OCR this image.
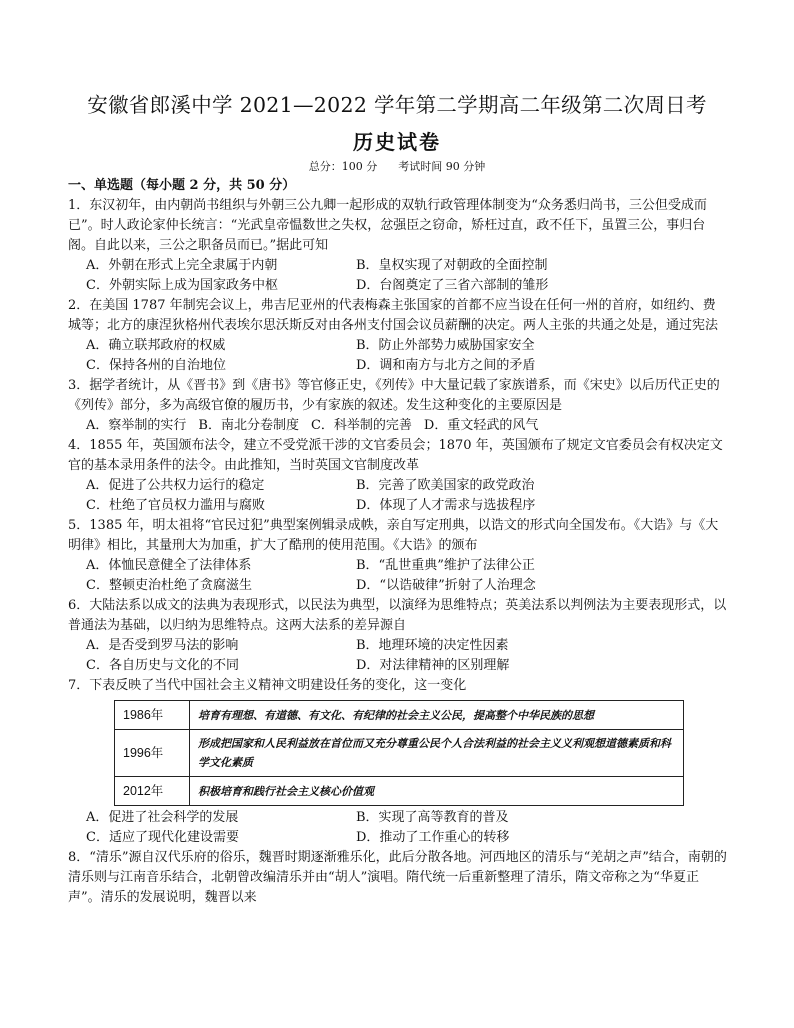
安徽省郎溪中学 2021—2022 学年第二学期高二年级第二次周日考
历史试卷
总分：100 分      考试时间 90 分钟
一、单选题（每小题 2 分，共 50 分）
1．东汉初年，由内朝尚书组织与外朝三公九卿一起形成的双轨行政管理体制变为“众务悉归尚书，三公但受成而已”。时人政论家仲长统言：“光武皇帝愠数世之失权，忿强臣之窃命，矫枉过直，政不任下，虽置三公，事归台阁。自此以来，三公之职备员而已。”据此可知
A．外朝在形式上完全隶属于内朝	B．皇权实现了对朝政的全面控制
C．外朝实际上成为国家政务中枢	D．台阁奠定了三省六部制的雏形
2．在美国 1787 年制宪会议上，弗吉尼亚州的代表梅森主张国家的首都不应当设在任何一州的首府，如纽约、费城等；北方的康涅狄格州代表埃尔思沃斯反对由各州支付国会议员薪酬的决定。两人主张的共通之处是，通过宪法
A．确立联邦政府的权威	B．防止外部势力威胁国家安全
C．保持各州的自治地位	D．调和南方与北方之间的矛盾
3．据学者统计，从《晋书》到《唐书》等官修正史，《列传》中大量记载了家族谱系，而《宋史》以后历代正史的《列传》部分，多为高级官僚的履历书，少有家族的叙述。发生这种变化的主要原因是
A．察举制的实行 B．南北分卷制度 C．科举制的完善 D．重文轻武的风气
4．1855 年，英国颁布法令，建立不受党派干涉的文官委员会；1870 年，英国颁布了规定文官委员会有权决定文官的基本录用条件的法令。由此推知，当时英国文官制度改革
A．促进了公共权力运行的稳定	B．完善了欧美国家的政党政治
C．杜绝了官员权力滥用与腐败	D．体现了人才需求与选拔程序
5．1385 年，明太祖将“官民过犯”典型案例辑录成帙，亲自写定刑典，以诰文的形式向全国发布。《大诰》与《大明律》相比，其量刑大为加重，扩大了酷刑的使用范围。《大诰》的颁布
A．体恤民意健全了法律体系	B．“乱世重典”维护了法律公正
C．整顿吏治杜绝了贪腐滋生	D．“以诰破律”折射了人治理念
6．大陆法系以成文的法典为表现形式，以民法为典型，以演绎为思维特点；英美法系以判例法为主要表现形式，以普通法为基础，以归纳为思维特点。这两大法系的差异源自
A．是否受到罗马法的影响	B．地理环境的决定性因素
C．各自历史与文化的不同	D．对法律精神的区别理解
7．下表反映了当代中国社会主义精神文明建设任务的变化，这一变化
1986年	培育有理想、有道德、有文化、有纪律的社会主义公民，提高整个中华民族的思想
1996年	形成把国家和人民利益放在首位而又充分尊重公民个人合法利益的社会主义义利观想道德素质和科学文化素质
2012年	积极培育和践行社会主义核心价值观
A．促进了社会科学的发展	B．实现了高等教育的普及
C．适应了现代化建设需要	D．推动了工作重心的转移
8．“清乐”源自汉代乐府的俗乐，魏晋时期逐渐雅乐化，此后分散各地。河西地区的清乐与“羌胡之声”结合，南朝的清乐则与江南音乐结合，北朝曾改编清乐并由“胡人”演唱。隋代统一后重新整理了清乐，隋文帝称之为“华夏正声”。清乐的发展说明，魏晋以来
